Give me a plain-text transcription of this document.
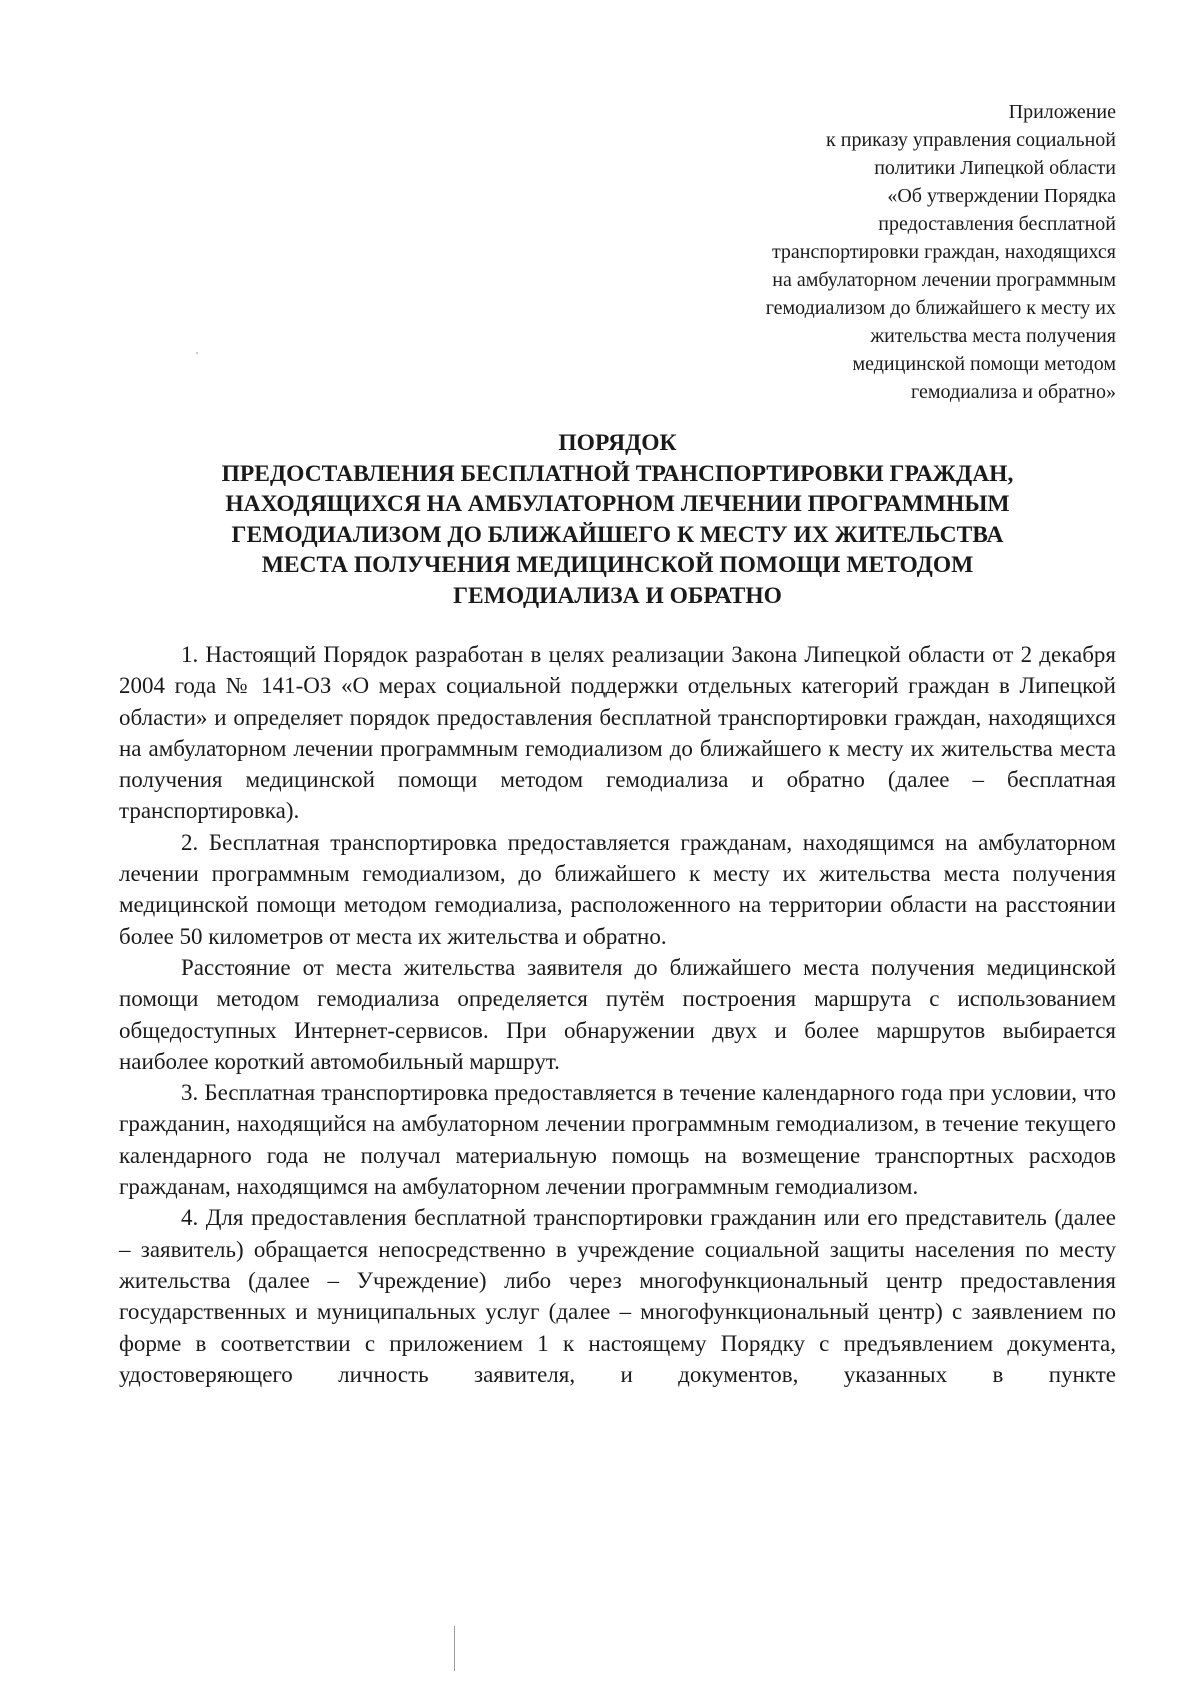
Приложение
к приказу управления социальной
политики Липецкой области
«Об утверждении Порядка
предоставления бесплатной
транспортировки граждан, находящихся
на амбулаторном лечении программным
гемодиализом до ближайшего к месту их
жительства места получения
медицинской помощи методом
гемодиализа и обратно»
ПОРЯДОК
ПРЕДОСТАВЛЕНИЯ БЕСПЛАТНОЙ ТРАНСПОРТИРОВКИ ГРАЖДАН,
НАХОДЯЩИХСЯ НА АМБУЛАТОРНОМ ЛЕЧЕНИИ ПРОГРАММНЫМ
ГЕМОДИАЛИЗОМ ДО БЛИЖАЙШЕГО К МЕСТУ ИХ ЖИТЕЛЬСТВА
МЕСТА ПОЛУЧЕНИЯ МЕДИЦИНСКОЙ ПОМОЩИ МЕТОДОМ
ГЕМОДИАЛИЗА И ОБРАТНО

1. Настоящий Порядок разработан в целях реализации Закона Липецкой области от 2 декабря 2004 года № 141-ОЗ «О мерах социальной поддержки отдельных категорий граждан в Липецкой области» и определяет порядок предоставления бесплатной транспортировки граждан, находящихся на амбулаторном лечении программным гемодиализом до ближайшего к месту их жительства места получения медицинской помощи методом гемодиализа и обратно (далее – бесплатная транспортировка).

2. Бесплатная транспортировка предоставляется гражданам, находящимся на амбулаторном лечении программным гемодиализом, до ближайшего к месту их жительства места получения медицинской помощи методом гемодиализа, расположенного на территории области на расстоянии более 50 километров от места их жительства и обратно.

Расстояние от места жительства заявителя до ближайшего места получения медицинской помощи методом гемодиализа определяется путём построения маршрута с использованием общедоступных Интернет-сервисов. При обнаружении двух и более маршрутов выбирается наиболее короткий автомобильный маршрут.

3. Бесплатная транспортировка предоставляется в течение календарного года при условии, что гражданин, находящийся на амбулаторном лечении программным гемодиализом, в течение текущего календарного года не получал материальную помощь на возмещение транспортных расходов гражданам, находящимся на амбулаторном лечении программным гемодиализом.

4. Для предоставления бесплатной транспортировки гражданин или его представитель (далее – заявитель) обращается непосредственно в учреждение социальной защиты населения по месту жительства (далее – Учреждение) либо через многофункциональный центр предоставления государственных и муниципальных услуг (далее – многофункциональный центр) с заявлением по форме в соответствии с приложением 1 к настоящему Порядку с предъявлением документа, удостоверяющего личность заявителя, и документов, указанных в пункте
